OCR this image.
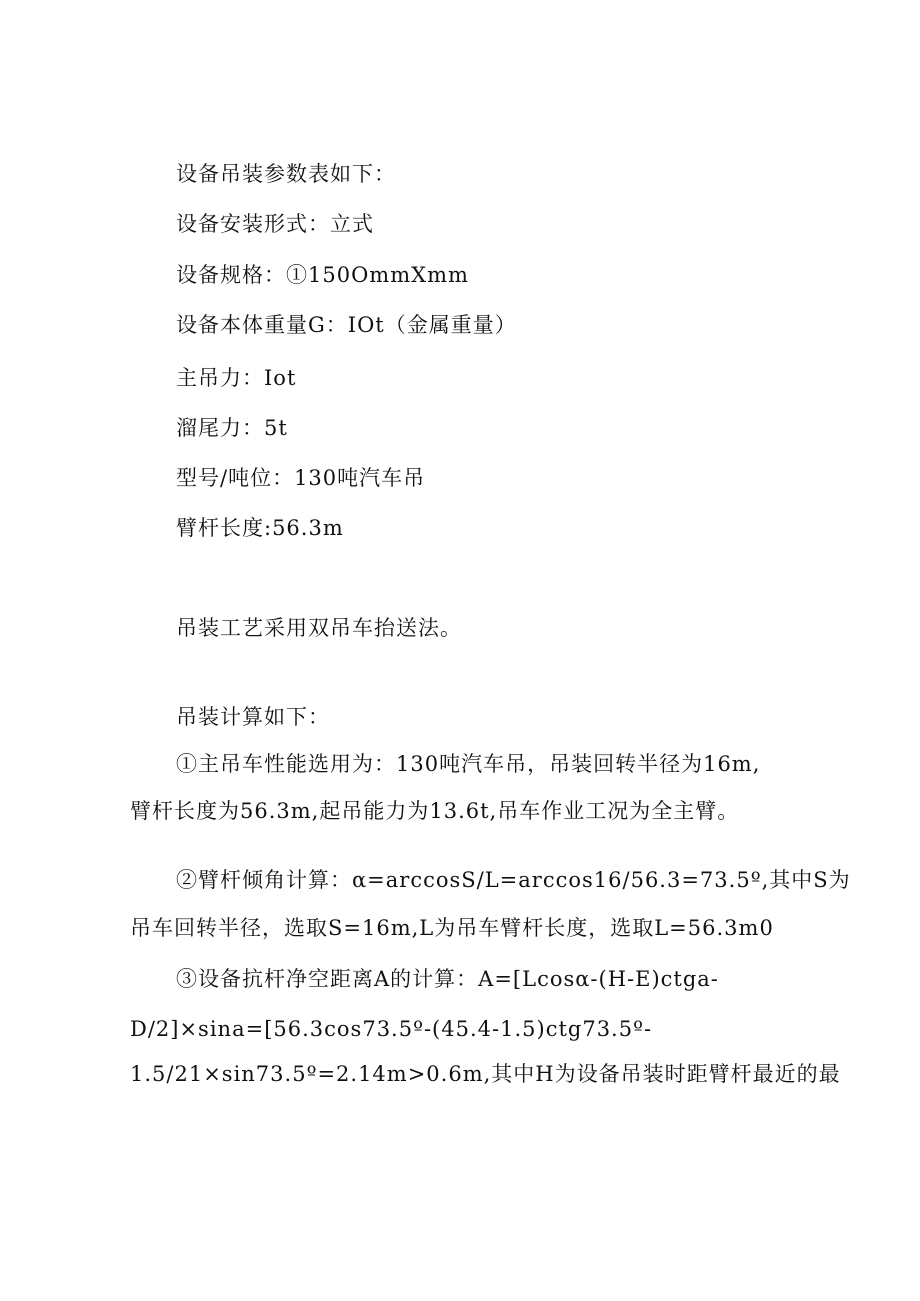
设备吊装参数表如下：
设备安装形式：立式
设备规格：①150OmmXmm
设备本体重量G：IOt（金属重量）
主吊力：Iot
溜尾力：5t
型号/吨位：130吨汽车吊
臂杆长度:56.3m
吊装工艺采用双吊车抬送法。
吊装计算如下：
①主吊车性能选用为：130吨汽车吊，吊装回转半径为16m,
臂杆长度为56.3m,起吊能力为13.6t,吊车作业工况为全主臂。
②臂杆倾角计算：α=arccosS/L=arccos16/56.3=73.5º,其中S为
吊车回转半径，选取S=16m,L为吊车臂杆长度，选取L=56.3m0
③设备抗杆净空距离A的计算：A=[Lcosα-(H-E)ctga-
D∕2]×sina=[56.3cos73.5º-(45.4-1.5)ctg73.5º-
1.5/21×sin73.5º=2.14m>0.6m,其中H为设备吊装时距臂杆最近的最
